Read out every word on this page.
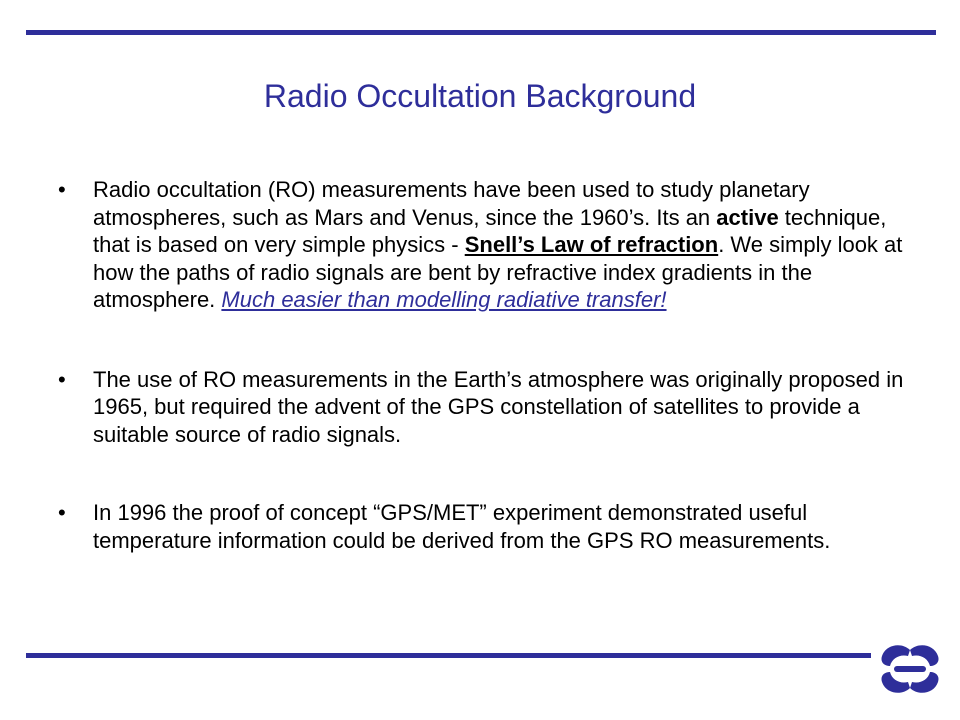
Radio Occultation Background
• Radio occultation (RO) measurements have been used to study planetary atmospheres, such as Mars and Venus, since the 1960’s. Its an active technique, that is based on very simple physics - Snell’s Law of refraction. We simply look at how the paths of radio signals are bent by refractive index gradients in the atmosphere. Much easier than modelling radiative transfer!
• The use of RO measurements in the Earth’s atmosphere was originally proposed in 1965, but required the advent of the GPS constellation of satellites to provide a suitable source of radio signals.
• In 1996 the proof of concept “GPS/MET” experiment demonstrated useful temperature information could be derived from the GPS RO measurements.
